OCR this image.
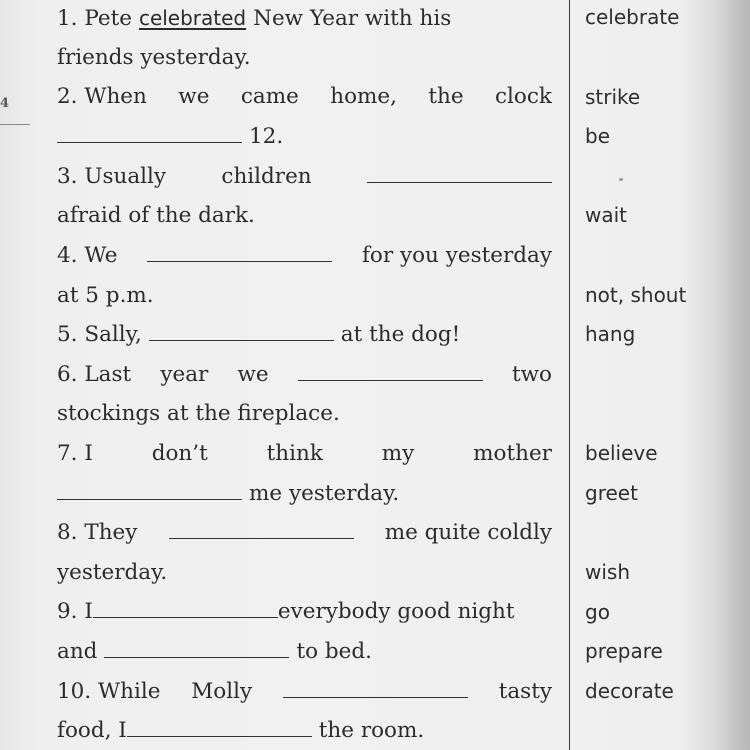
4
1.
Pete celebrated New Year with his
friends yesterday.
2. When we came home, the clock
12.
3. Usually	children
afraid of the dark.
4. We	for you yesterday
at 5 p.m.
5.
Sally,	at the dog!
6. Last year we	two
stockings at the fireplace.
7. I	don’t	think	my	mother
me yesterday.
8. They	me quite coldly
yesterday.
9.
I	everybody good night
and	to bed.
10. While Molly	tasty
food, I	the room.
celebrate
strike
be
wait
not, shout
hang
believe
greet
wish
go
prepare
decorate
